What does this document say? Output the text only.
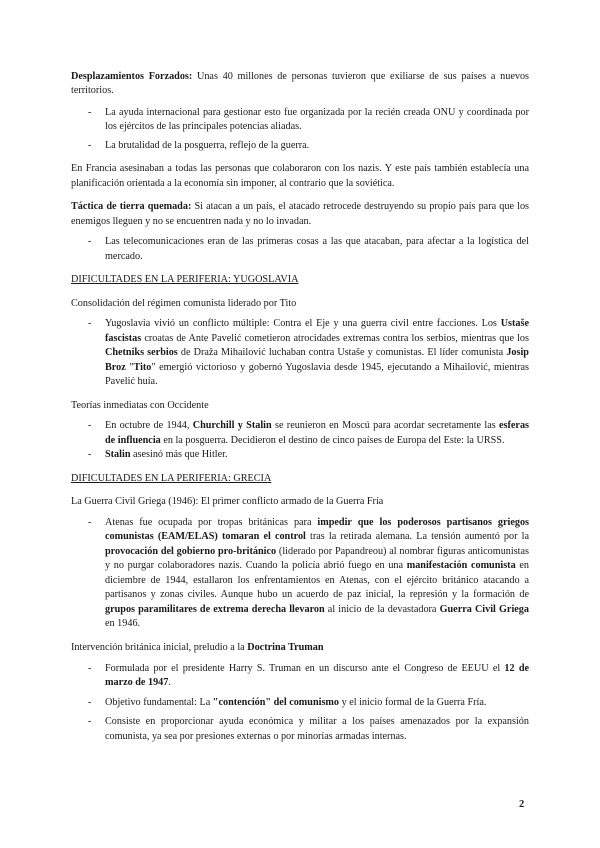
Desplazamientos Forzados: Unas 40 millones de personas tuvieron que exiliarse de sus países a nuevos territorios.

-	La ayuda internacional para gestionar esto fue organizada por la recién creada ONU y coordinada por los ejércitos de las principales potencias aliadas.
-	La brutalidad de la posguerra, reflejo de la guerra.

En Francia asesinaban a todas las personas que colaboraron con los nazis. Y este país también establecía una planificación orientada a la economía sin imponer, al contrario que la soviética.

Táctica de tierra quemada: Si atacan a un país, el atacado retrocede destruyendo su propio país para que los enemigos lleguen y no se encuentren nada y no lo invadan.

-	Las telecomunicaciones eran de las primeras cosas a las que atacaban, para afectar a la logística del mercado.

DIFICULTADES EN LA PERIFERIA: YUGOSLAVIA

Consolidación del régimen comunista liderado por Tito

-	Yugoslavia vivió un conflicto múltiple: Contra el Eje y una guerra civil entre facciones. Los Ustaše fascistas croatas de Ante Pavelić cometieron atrocidades extremas contra los serbios, mientras que los Chetniks serbios de Draža Mihailović luchaban contra Ustaše y comunistas. El líder comunista Josip Broz "Tito" emergió victorioso y gobernó Yugoslavia desde 1945, ejecutando a Mihailović, mientras Pavelić huía.

Teorías inmediatas con Occidente

-	En octubre de 1944, Churchill y Stalin se reunieron en Moscú para acordar secretamente las esferas de influencia en la posguerra. Decidieron el destino de cinco países de Europa del Este: la URSS.
-	Stalin asesinó más que Hitler.

DIFICULTADES EN LA PERIFERIA: GRECIA

La Guerra Civil Griega (1946): El primer conflicto armado de la Guerra Fría

-	Atenas fue ocupada por tropas británicas para impedir que los poderosos partisanos griegos comunistas (EAM/ELAS) tomaran el control tras la retirada alemana. La tensión aumentó por la provocación del gobierno pro-británico (liderado por Papandreou) al nombrar figuras anticomunistas y no purgar colaboradores nazis. Cuando la policía abrió fuego en una manifestación comunista en diciembre de 1944, estallaron los enfrentamientos en Atenas, con el ejército británico atacando a partisanos y zonas civiles. Aunque hubo un acuerdo de paz inicial, la represión y la formación de grupos paramilitares de extrema derecha llevaron al inicio de la devastadora Guerra Civil Griega en 1946.

Intervención británica inicial, preludio a la Doctrina Truman

-	Formulada por el presidente Harry S. Truman en un discurso ante el Congreso de EEUU el 12 de marzo de 1947.
-	Objetivo fundamental: La "contención" del comunismo y el inicio formal de la Guerra Fría.
-	Consiste en proporcionar ayuda económica y militar a los países amenazados por la expansión comunista, ya sea por presiones externas o por minorías armadas internas.
2
